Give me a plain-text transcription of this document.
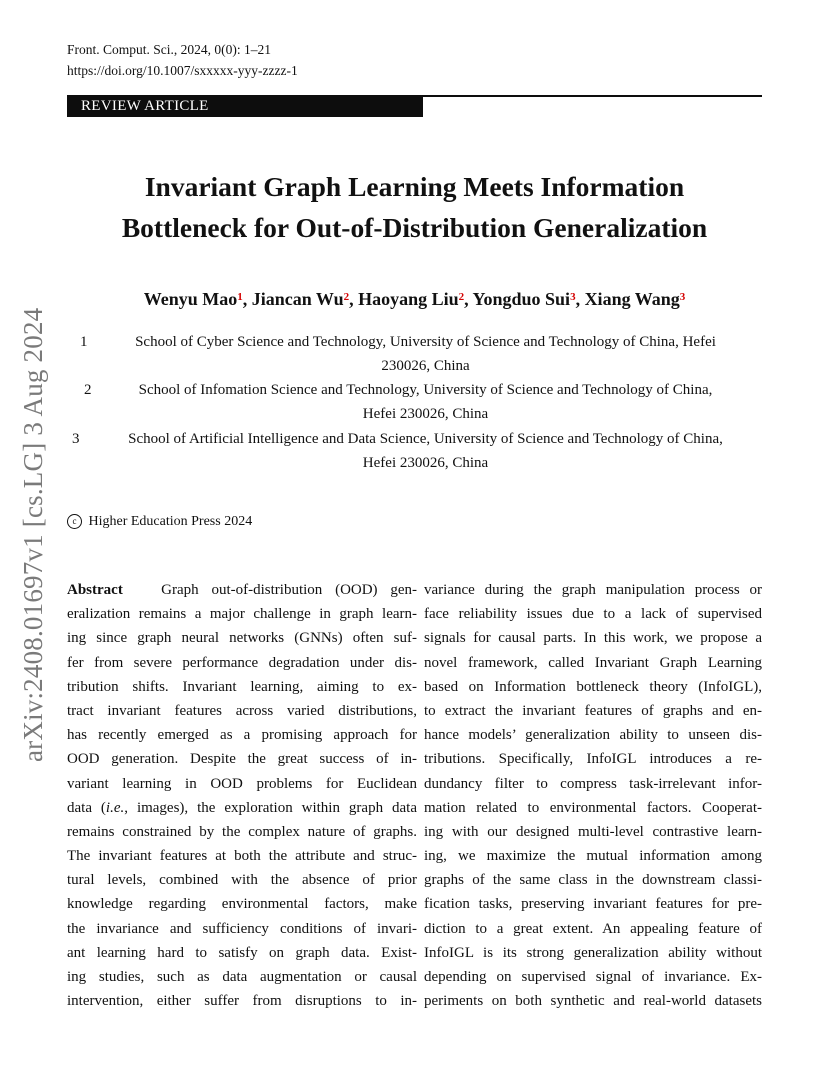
Front. Comput. Sci., 2024, 0(0): 1–21
https://doi.org/10.1007/sxxxxx-yyy-zzzz-1
REVIEW ARTICLE
Invariant Graph Learning Meets Information
Bottleneck for Out-of-Distribution Generalization
Wenyu Mao$^1$, Jiancan Wu$^2$, Haoyang Liu$^2$, Yongduo Sui$^3$, Xiang Wang$^3$
1	School of Cyber Science and Technology, University of Science and Technology of China, Hefei
230026, China
2	School of Infomation Science and Technology, University of Science and Technology of China,
Hefei 230026, China
3	School of Artificial Intelligence and Data Science, University of Science and Technology of China,
Hefei 230026, China
c Higher Education Press 2024
Abstract   Graph out-of-distribution (OOD) gen-
eralization remains a major challenge in graph learn-
ing since graph neural networks (GNNs) often suf-
fer from severe performance degradation under dis-
tribution shifts. Invariant learning, aiming to ex-
tract invariant features across varied distributions,
has recently emerged as a promising approach for
OOD generation. Despite the great success of in-
variant learning in OOD problems for Euclidean
data (i.e., images), the exploration within graph data
remains constrained by the complex nature of graphs.
The invariant features at both the attribute and struc-
tural levels, combined with the absence of prior
knowledge regarding environmental factors, make
the invariance and sufficiency conditions of invari-
ant learning hard to satisfy on graph data. Exist-
ing studies, such as data augmentation or causal
intervention, either suffer from disruptions to in-
variance during the graph manipulation process or
face reliability issues due to a lack of supervised
signals for causal parts. In this work, we propose a
novel framework, called Invariant Graph Learning
based on Information bottleneck theory (InfoIGL),
to extract the invariant features of graphs and en-
hance models’ generalization ability to unseen dis-
tributions. Specifically, InfoIGL introduces a re-
dundancy filter to compress task-irrelevant infor-
mation related to environmental factors. Cooperat-
ing with our designed multi-level contrastive learn-
ing, we maximize the mutual information among
graphs of the same class in the downstream classi-
fication tasks, preserving invariant features for pre-
diction to a great extent. An appealing feature of
InfoIGL is its strong generalization ability without
depending on supervised signal of invariance. Ex-
periments on both synthetic and real-world datasets
arXiv:2408.01697v1 [cs.LG] 3 Aug 2024
